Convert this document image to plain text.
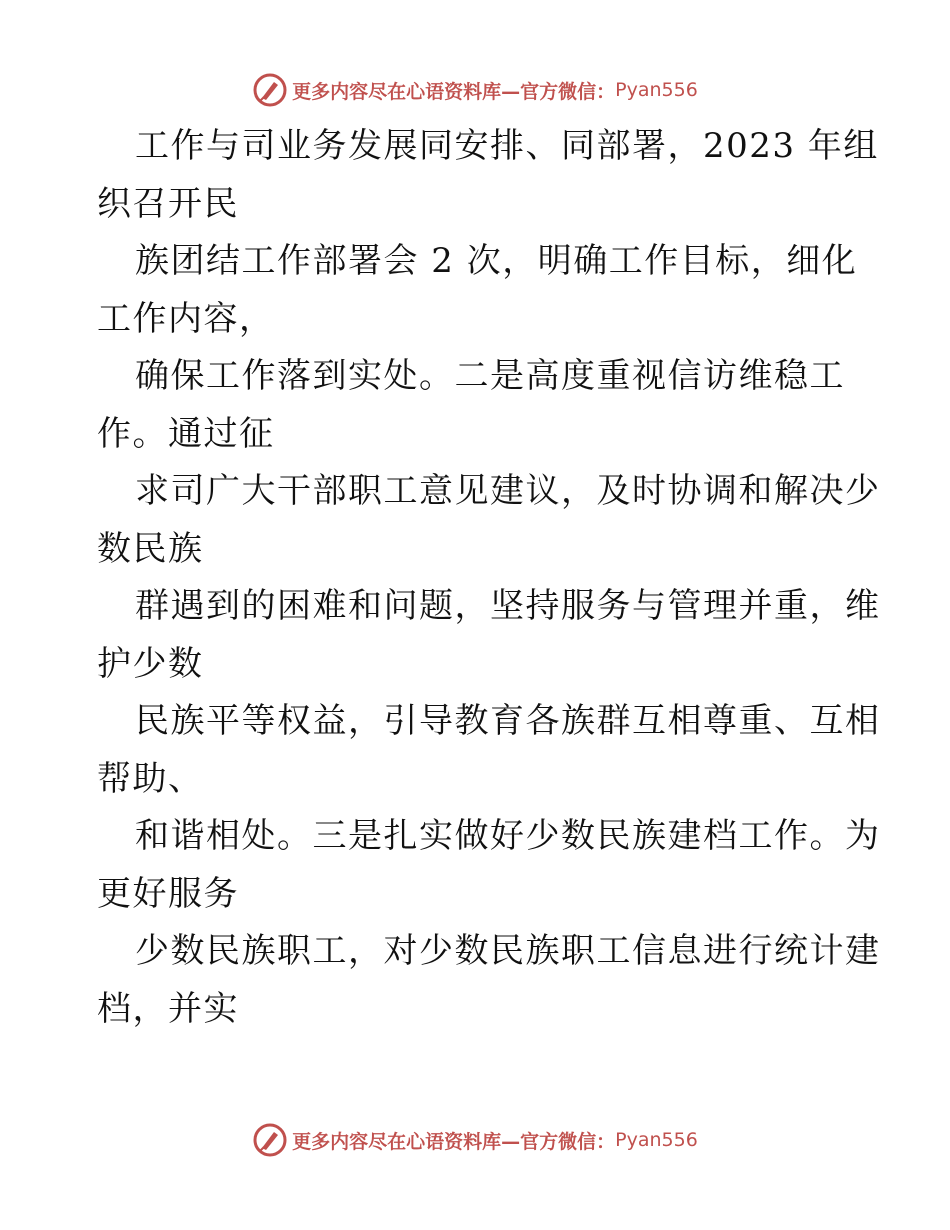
更多内容尽在心语资料库—官方微信： Pyan556
工作与司业务发展同安排、同部署，2023 年组
织召开民
族团结工作部署会 2 次，明确工作目标，细化
工作内容，
确保工作落到实处。二是高度重视信访维稳工
作。通过征
求司广大干部职工意见建议，及时协调和解决少
数民族
群遇到的困难和问题，坚持服务与管理并重，维
护少数
民族平等权益，引导教育各族群互相尊重、互相
帮助、
和谐相处。三是扎实做好少数民族建档工作。为
更好服务
少数民族职工，对少数民族职工信息进行统计建
档，并实
更多内容尽在心语资料库—官方微信： Pyan556
